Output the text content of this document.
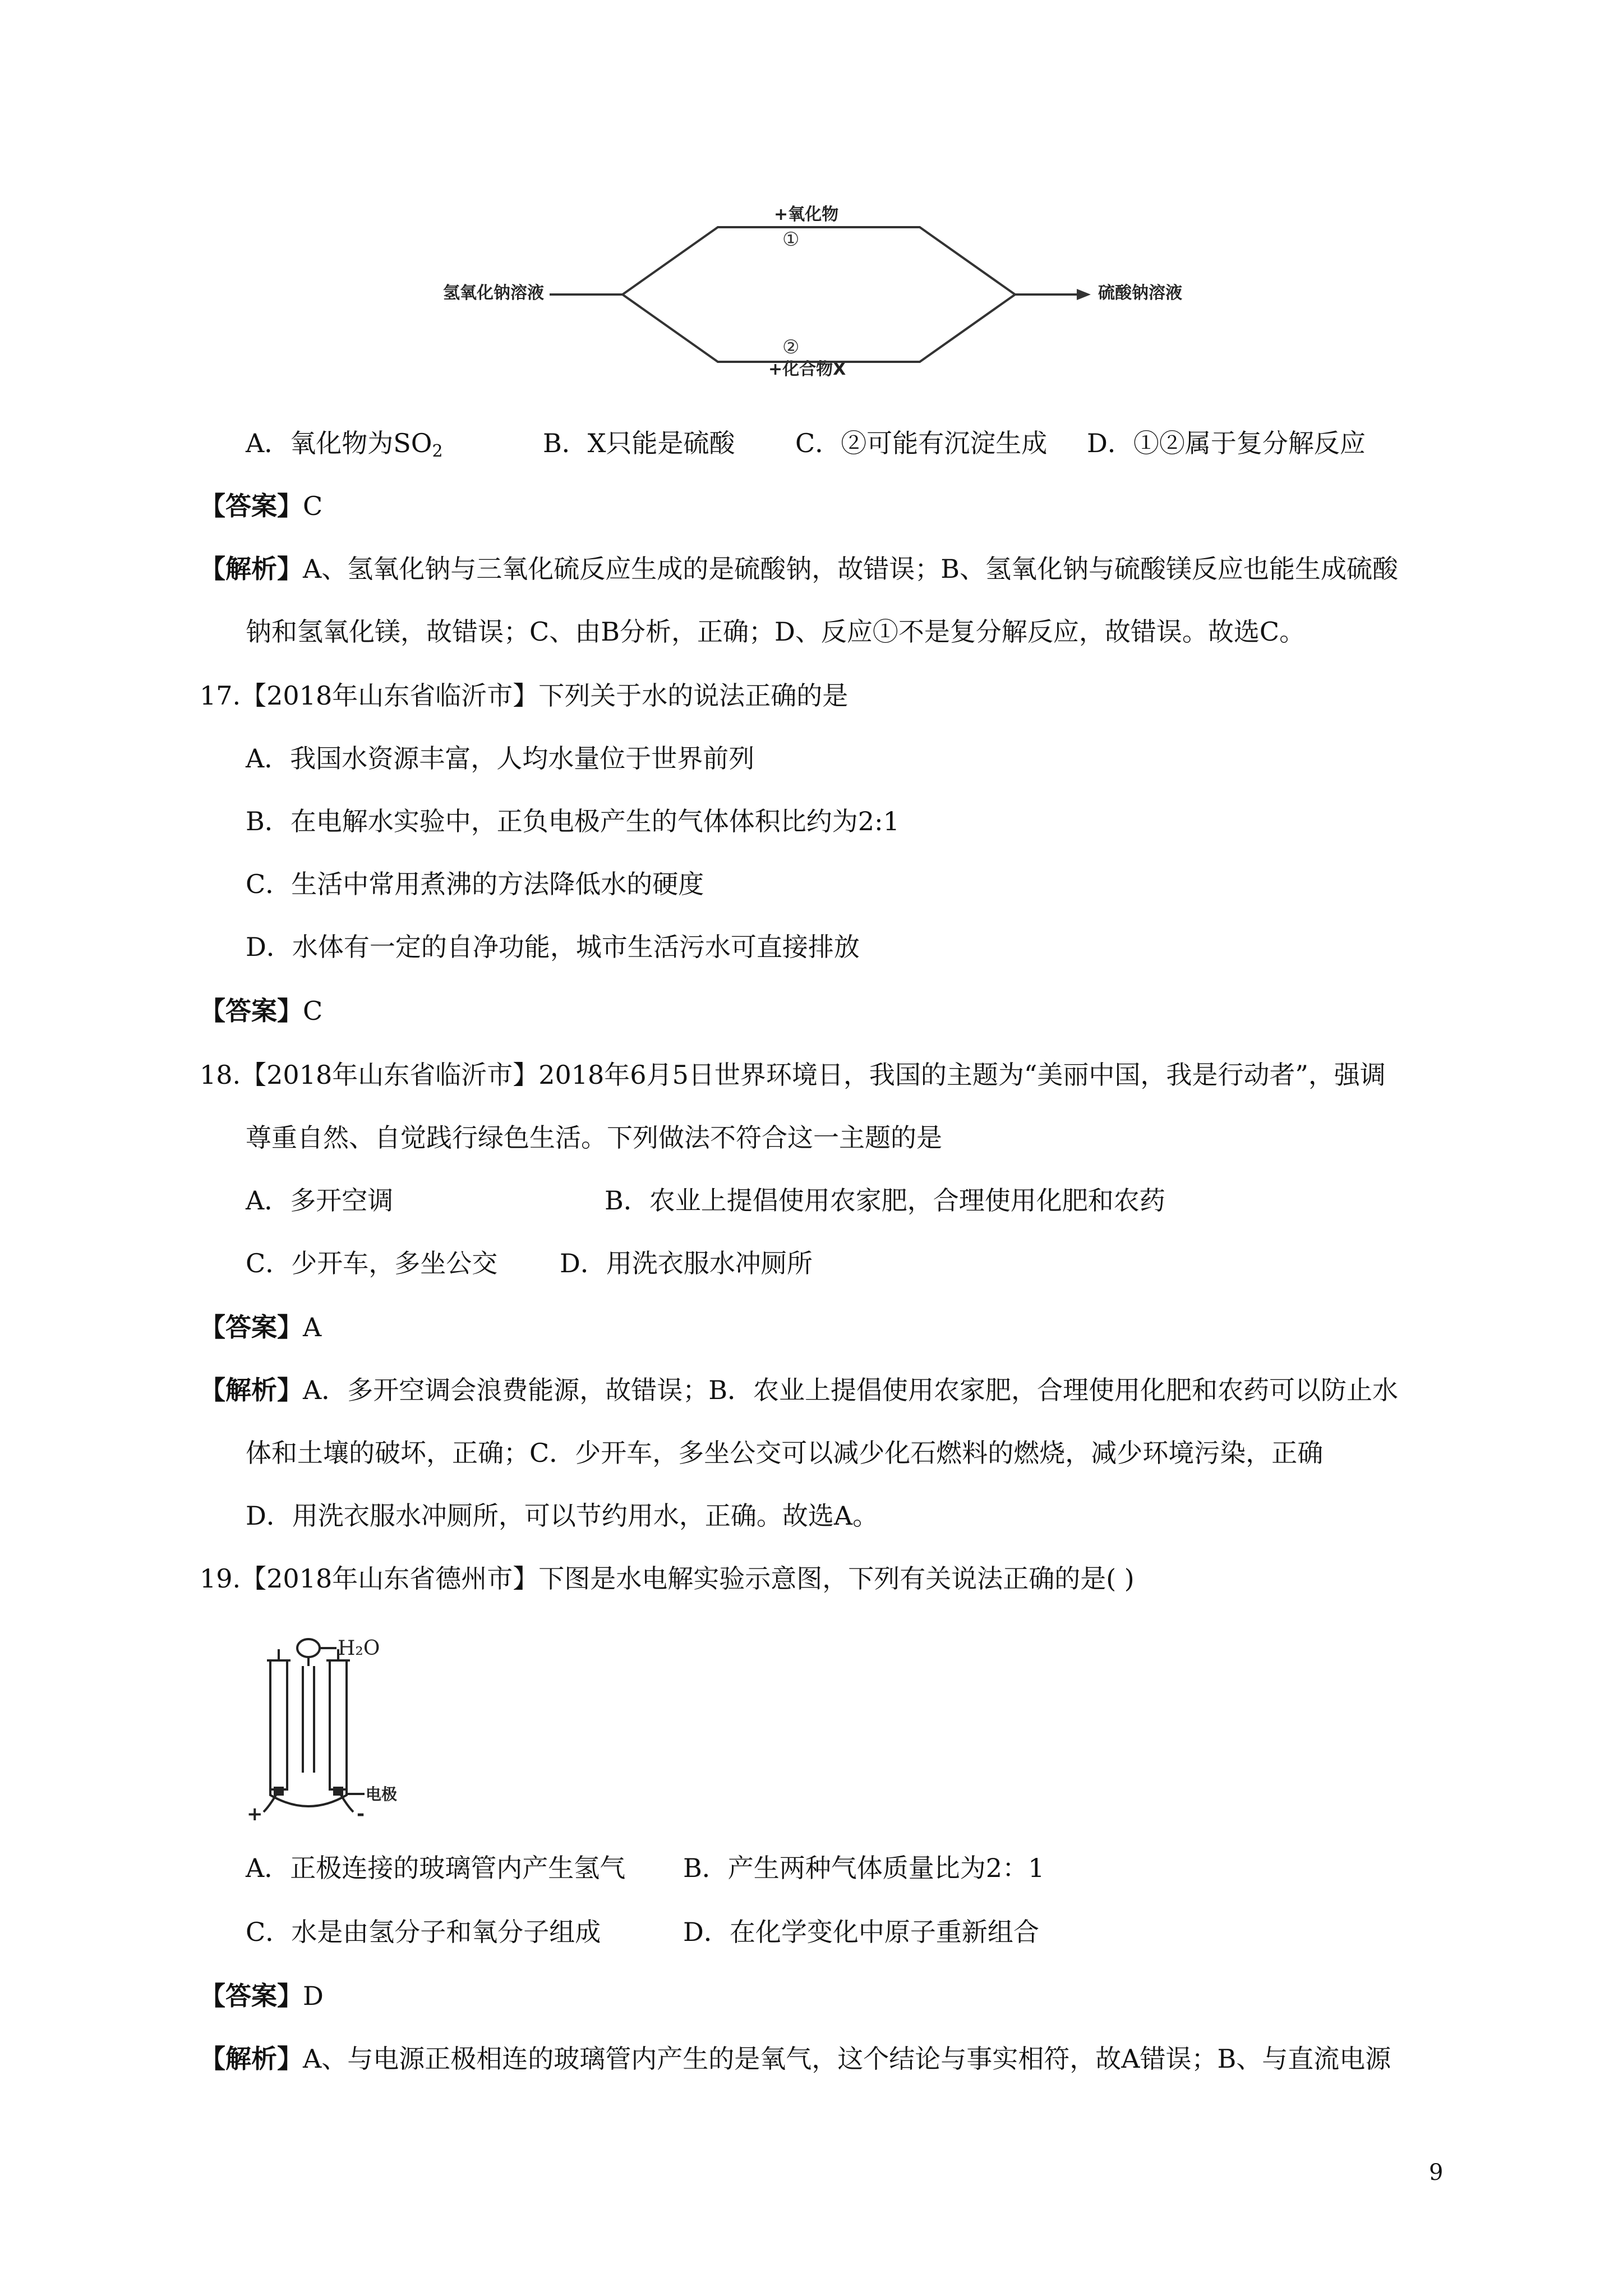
氢氧化钠溶液	硫酸钠溶液
+氧化物
①
②
+化合物X
A．氧化物为$SO_2$	B．X只能是硫酸 C．②可能有沉淀生成 D．①②属于复分解反应
【答案】C
【解析】A、氢氧化钠与三氧化硫反应生成的是硫酸钠，故错误；B、氢氧化钠与硫酸镁反应也能生成硫酸
钠和氢氧化镁，故错误；C、由B分析，正确；D、反应①不是复分解反应，故错误。故选C。
17.【2018年山东省临沂市】下列关于水的说法正确的是
A．我国水资源丰富，人均水量位于世界前列
B．在电解水实验中，正负电极产生的气体体积比约为2:1
C．生活中常用煮沸的方法降低水的硬度
D．水体有一定的自净功能，城市生活污水可直接排放
【答案】C
18.【2018年山东省临沂市】2018年6月5日世界环境日，我国的主题为“美丽中国，我是行动者”，强调
尊重自然、自觉践行绿色生活。下列做法不符合这一主题的是
A．多开空调	B．农业上提倡使用农家肥，合理使用化肥和农药
C．少开车，多坐公交 D．用洗衣服水冲厕所
【答案】A
【解析】A．多开空调会浪费能源，故错误；B．农业上提倡使用农家肥，合理使用化肥和农药可以防止水
体和土壤的破坏，正确；C．少开车，多坐公交可以减少化石燃料的燃烧，减少环境污染，正确
D．用洗衣服水冲厕所，可以节约用水，正确。故选A。
19.【2018年山东省德州市】下图是水电解实验示意图，下列有关说法正确的是( )
H₂O
电极
+	-
A．正极连接的玻璃管内产生氢气 B．产生两种气体质量比为2：1
C．水是由氢分子和氧分子组成	D．在化学变化中原子重新组合
【答案】D
【解析】A、与电源正极相连的玻璃管内产生的是氧气，这个结论与事实相符，故A错误；B、与直流电源
9
